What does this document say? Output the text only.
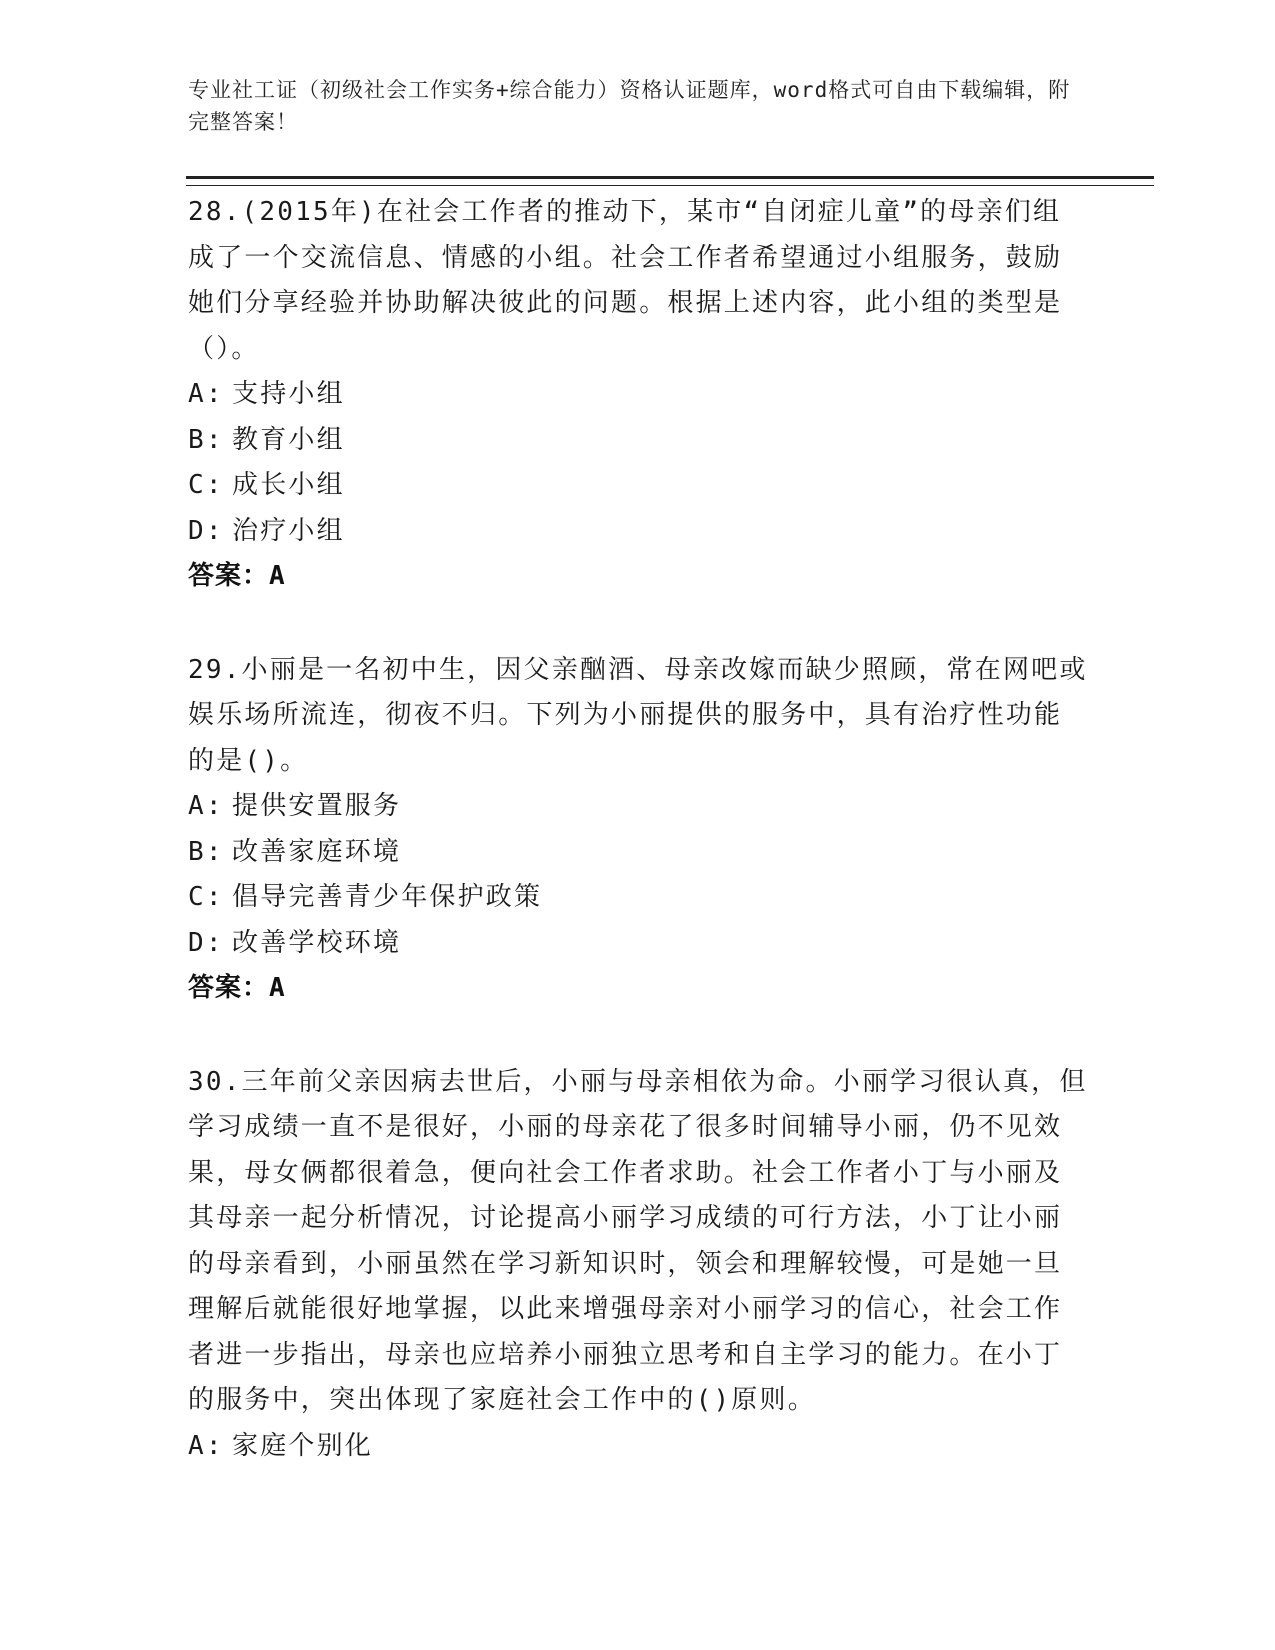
专业社工证（初级社会工作实务+综合能力）资格认证题库，word格式可自由下载编辑，附完整答案！

28.(2015年)在社会工作者的推动下，某市“自闭症儿童”的母亲们组成了一个交流信息、情感的小组。社会工作者希望通过小组服务，鼓励她们分享经验并协助解决彼此的问题。根据上述内容，此小组的类型是（）。

A: 支持小组
B: 教育小组
C: 成长小组
D: 治疗小组
答案：A

29.小丽是一名初中生，因父亲酗酒、母亲改嫁而缺少照顾，常在网吧或娱乐场所流连，彻夜不归。下列为小丽提供的服务中，具有治疗性功能的是()。

A: 提供安置服务
B: 改善家庭环境
C: 倡导完善青少年保护政策
D: 改善学校环境
答案：A

30.三年前父亲因病去世后，小丽与母亲相依为命。小丽学习很认真，但学习成绩一直不是很好，小丽的母亲花了很多时间辅导小丽，仍不见效果，母女俩都很着急，便向社会工作者求助。社会工作者小丁与小丽及其母亲一起分析情况，讨论提高小丽学习成绩的可行方法，小丁让小丽的母亲看到，小丽虽然在学习新知识时，领会和理解较慢，可是她一旦理解后就能很好地掌握，以此来增强母亲对小丽学习的信心，社会工作者进一步指出，母亲也应培养小丽独立思考和自主学习的能力。在小丁的服务中，突出体现了家庭社会工作中的()原则。

A: 家庭个别化
